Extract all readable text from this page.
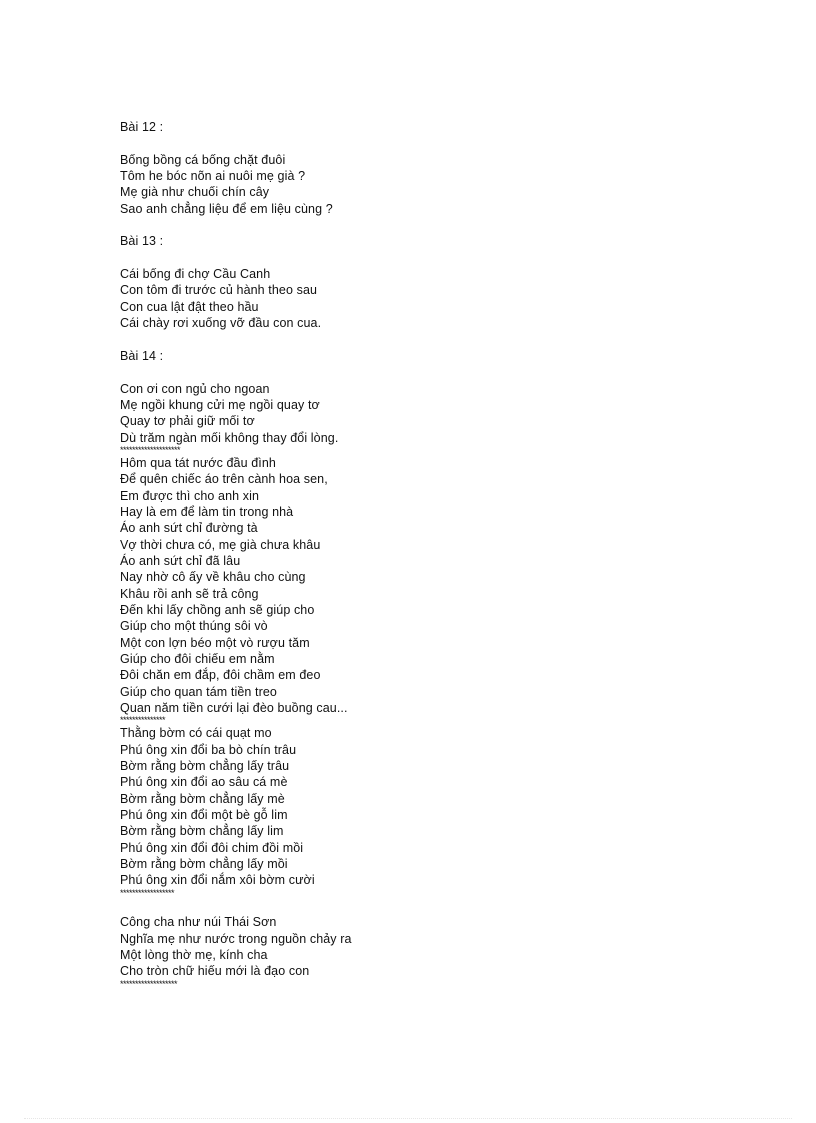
Bài 12 :
Bống bồng cá bống chặt đuôi
Tôm he bóc nõn ai nuôi mẹ già ?
Mẹ già như chuối chín cây
Sao anh chẳng liệu để em liệu cùng ?
Bài 13 :
Cái bống đi chợ Cầu Canh
Con tôm đi trước củ hành theo sau
Con cua lật đật theo hầu
Cái chày rơi xuống vỡ đầu con cua.
Bài 14 :
Con ơi con ngủ cho ngoan
Mẹ ngồi khung cửi mẹ ngồi quay tơ
Quay tơ phải giữ mối tơ
Dù trăm ngàn mối không thay đổi lòng.
********************
Hôm qua tát nước đầu đình
Để quên chiếc áo trên cành hoa sen,
Em được thì cho anh xin
Hay là em để làm tin trong nhà
Áo anh sứt chỉ đường tà
Vợ thời chưa có, mẹ già chưa khâu
Áo anh sứt chỉ đã lâu
Nay nhờ cô ấy về khâu cho cùng
Khâu rồi anh sẽ trả công
Đến khi lấy chồng anh sẽ giúp cho
Giúp cho một thúng sôi vò
Một con lợn béo một vò rượu tăm
Giúp cho đôi chiếu em nằm
Đôi chăn em đắp, đôi chầm em đeo
Giúp cho quan tám tiền treo
Quan năm tiền cưới lại đèo buồng cau...
***************
Thằng bờm có cái quạt mo
Phú ông xin đổi ba bò chín trâu
Bờm rằng bờm chẳng lấy trâu
Phú ông xin đổi ao sâu cá mè
Bờm rằng bờm chẳng lấy mè
Phú ông xin đổi một bè gỗ lim
Bờm rằng bờm chẳng lấy lim
Phú ông xin đổi đôi chim đồi mồi
Bờm rằng bờm chẳng lấy mồi
Phú ông xin đổi nắm xôi bờm cười
******************
Công cha như núi Thái Sơn
Nghĩa mẹ như nước trong nguồn chảy ra
Một lòng thờ mẹ, kính cha
Cho tròn chữ hiếu mới là đạo con
*******************
